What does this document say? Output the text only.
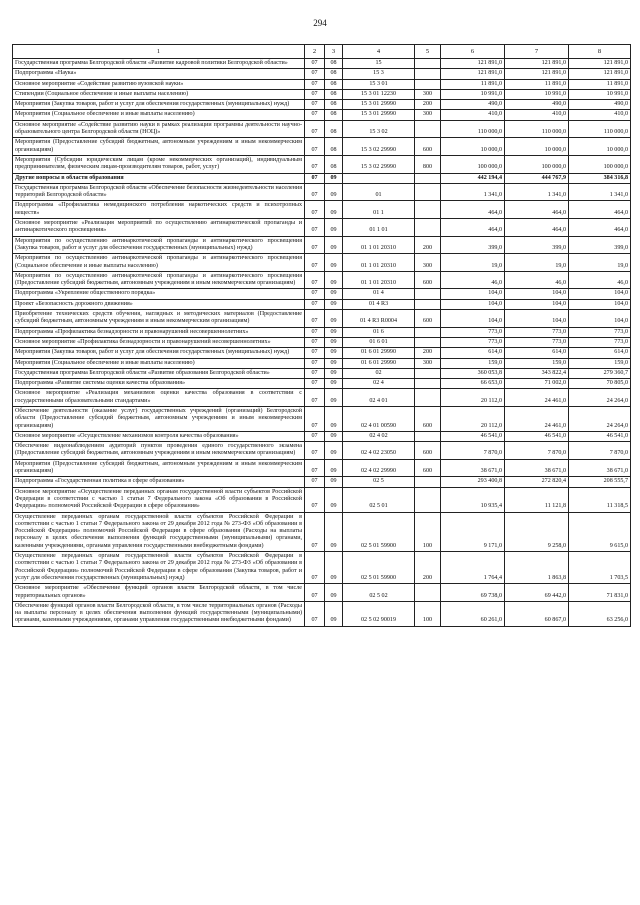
294
1	2	3	4	5	6	7	8
Государственная программа Белгородской области «Развитие кадровой политики Белгородской области»	07	08	15		121 891,0	121 891,0	121 891,0
Подпрограмма «Наука»	07	08	15 3		121 891,0	121 891,0	121 891,0
Основное мероприятие «Содействие развитию вузовской науки»	07	08	15 3 01		11 891,0	11 891,0	11 891,0
Стипендии (Социальное обеспечение и иные выплаты населению)	07	08	15 3 01 12230	300	10 991,0	10 991,0	10 991,0
Мероприятия (Закупка товаров, работ и услуг для обеспечения государственных (муниципальных) нужд)	07	08	15 3 01 29990	200	490,0	490,0	490,0
Мероприятия (Социальное обеспечение и иные выплаты населению)	07	08	15 3 01 29990	300	410,0	410,0	410,0
Основное мероприятие «Содействие развитию науки в рамках реализации программы деятельности научно-образовательного центра Белгородской области (НОЦ)»	07	08	15 3 02		110 000,0	110 000,0	110 000,0
Мероприятия (Предоставление субсидий бюджетным, автономным учреждениям и иным некоммерческим организациям)	07	08	15 3 02 29990	600	10 000,0	10 000,0	10 000,0
Мероприятия (Субсидии юридическим лицам (кроме некоммерческих организаций), индивидуальным предпринимателям, физическим лицам-производителям товаров, работ, услуг)	07	08	15 3 02 29990	800	100 000,0	100 000,0	100 000,0
Другие вопросы в области образования	07	09			442 194,4	444 767,9	384 316,8
Государственная программа Белгородской области «Обеспечение безопасности жизнедеятельности населения территорий Белгородской области»	07	09	01		1 341,0	1 341,0	1 341,0
Подпрограмма «Профилактика немедицинского потребления наркотических средств и психотропных веществ»	07	09	01 1		464,0	464,0	464,0
Основное мероприятие «Реализация мероприятий по осуществлению антинаркотической пропаганды и антинаркотического просвещения»	07	09	01 1 01		464,0	464,0	464,0
Мероприятия по осуществлению антинаркотической пропаганды и антинаркотического просвещения (Закупка товаров, работ и услуг для обеспечения государственных (муниципальных) нужд)	07	09	01 1 01 20310	200	399,0	399,0	399,0
Мероприятия по осуществлению антинаркотической пропаганды и антинаркотического просвещения (Социальное обеспечение и иные выплаты населению)	07	09	01 1 01 20310	300	19,0	19,0	19,0
Мероприятия по осуществлению антинаркотической пропаганды и антинаркотического просвещения (Предоставление субсидий бюджетным, автономным учреждениям и иным некоммерческим организациям)	07	09	01 1 01 20310	600	46,0	46,0	46,0
Подпрограмма «Укрепление общественного порядка»	07	09	01 4		104,0	104,0	104,0
Проект «Безопасность дорожного движения»	07	09	01 4 R3		104,0	104,0	104,0
Приобретение технических средств обучения, наглядных и методических материалов (Предоставление субсидий бюджетным, автономным учреждениям и иным некоммерческим организациям)	07	09	01 4 R3 R0004	600	104,0	104,0	104,0
Подпрограмма «Профилактика безнадзорности и правонарушений несовершеннолетних»	07	09	01 6		773,0	773,0	773,0
Основное мероприятие «Профилактика безнадзорности и правонарушений несовершеннолетних»	07	09	01 6 01		773,0	773,0	773,0
Мероприятия (Закупка товаров, работ и услуг для обеспечения государственных (муниципальных) нужд)	07	09	01 6 01 29990	200	614,0	614,0	614,0
Мероприятия (Социальное обеспечение и иные выплаты населению)	07	09	01 6 01 29990	300	159,0	159,0	159,0
Государственная программа Белгородской области «Развитие образования Белгородской области»	07	09	02		360 053,8	343 822,4	279 360,7
Подпрограмма «Развитие системы оценки качества образования»	07	09	02 4		66 653,0	71 002,0	70 805,0
Основное мероприятие «Реализация механизмов оценки качества образования в соответствии с государственными образовательными стандартами»	07	09	02 4 01		20 112,0	24 461,0	24 264,0
Обеспечение деятельности (оказание услуг) государственных учреждений (организаций) Белгородской области (Предоставление субсидий бюджетным, автономным учреждениям и иным некоммерческим организациям)	07	09	02 4 01 00590	600	20 112,0	24 461,0	24 264,0
Основное мероприятие «Осуществление механизмов контроля качества образования»	07	09	02 4 02		46 541,0	46 541,0	46 541,0
Обеспечение видеонаблюдением аудиторий пунктов проведения единого государственного экзамена (Предоставление субсидий бюджетным, автономным учреждениям и иным некоммерческим организациям)	07	09	02 4 02 23050	600	7 870,0	7 870,0	7 870,0
Мероприятия (Предоставление субсидий бюджетным, автономным учреждениям и иным некоммерческим организациям)	07	09	02 4 02 29990	600	38 671,0	38 671,0	38 671,0
Подпрограмма «Государственная политика в сфере образования»	07	09	02 5		293 400,8	272 820,4	208 555,7
Основное мероприятие «Осуществление переданных органам государственной власти субъектов Российской Федерации в соответствии с частью 1 статьи 7 Федерального закона «Об образовании в Российской Федерации» полномочий Российской Федерации в сфере образования»	07	09	02 5 01		10 935,4	11 121,8	11 318,5
Осуществление переданных органам государственной власти субъектов Российской Федерации в соответствии с частью 1 статьи 7 Федерального закона от 29 декабря 2012 года № 273-ФЗ «Об образовании в Российской Федерации» полномочий Российской Федерации в сфере образования (Расходы на выплаты персоналу в целях обеспечения выполнения функций государственными (муниципальными) органами, казенными учреждениями, органами управления государственными внебюджетными фондами)	07	09	02 5 01 59900	100	9 171,0	9 258,0	9 615,0
Осуществление переданных органам государственной власти субъектов Российской Федерации в соответствии с частью 1 статьи 7 Федерального закона от 29 декабря 2012 года № 273-ФЗ «Об образовании в Российской Федерации» полномочий Российской Федерации в сфере образования (Закупка товаров, работ и услуг для обеспечения государственных (муниципальных) нужд)	07	09	02 5 01 59900	200	1 764,4	1 863,8	1 703,5
Основное мероприятие «Обеспечение функций органов власти Белгородской области, в том числе территориальных органов»	07	09	02 5 02		69 738,0	69 442,0	71 831,0
Обеспечение функций органов власти Белгородской области, в том числе территориальных органов (Расходы на выплаты персоналу в целях обеспечения выполнения функций государственными (муниципальными) органами, казенными учреждениями, органами управления государственными внебюджетными фондами)	07	09	02 5 02 90019	100	60 261,0	60 867,0	63 256,0
